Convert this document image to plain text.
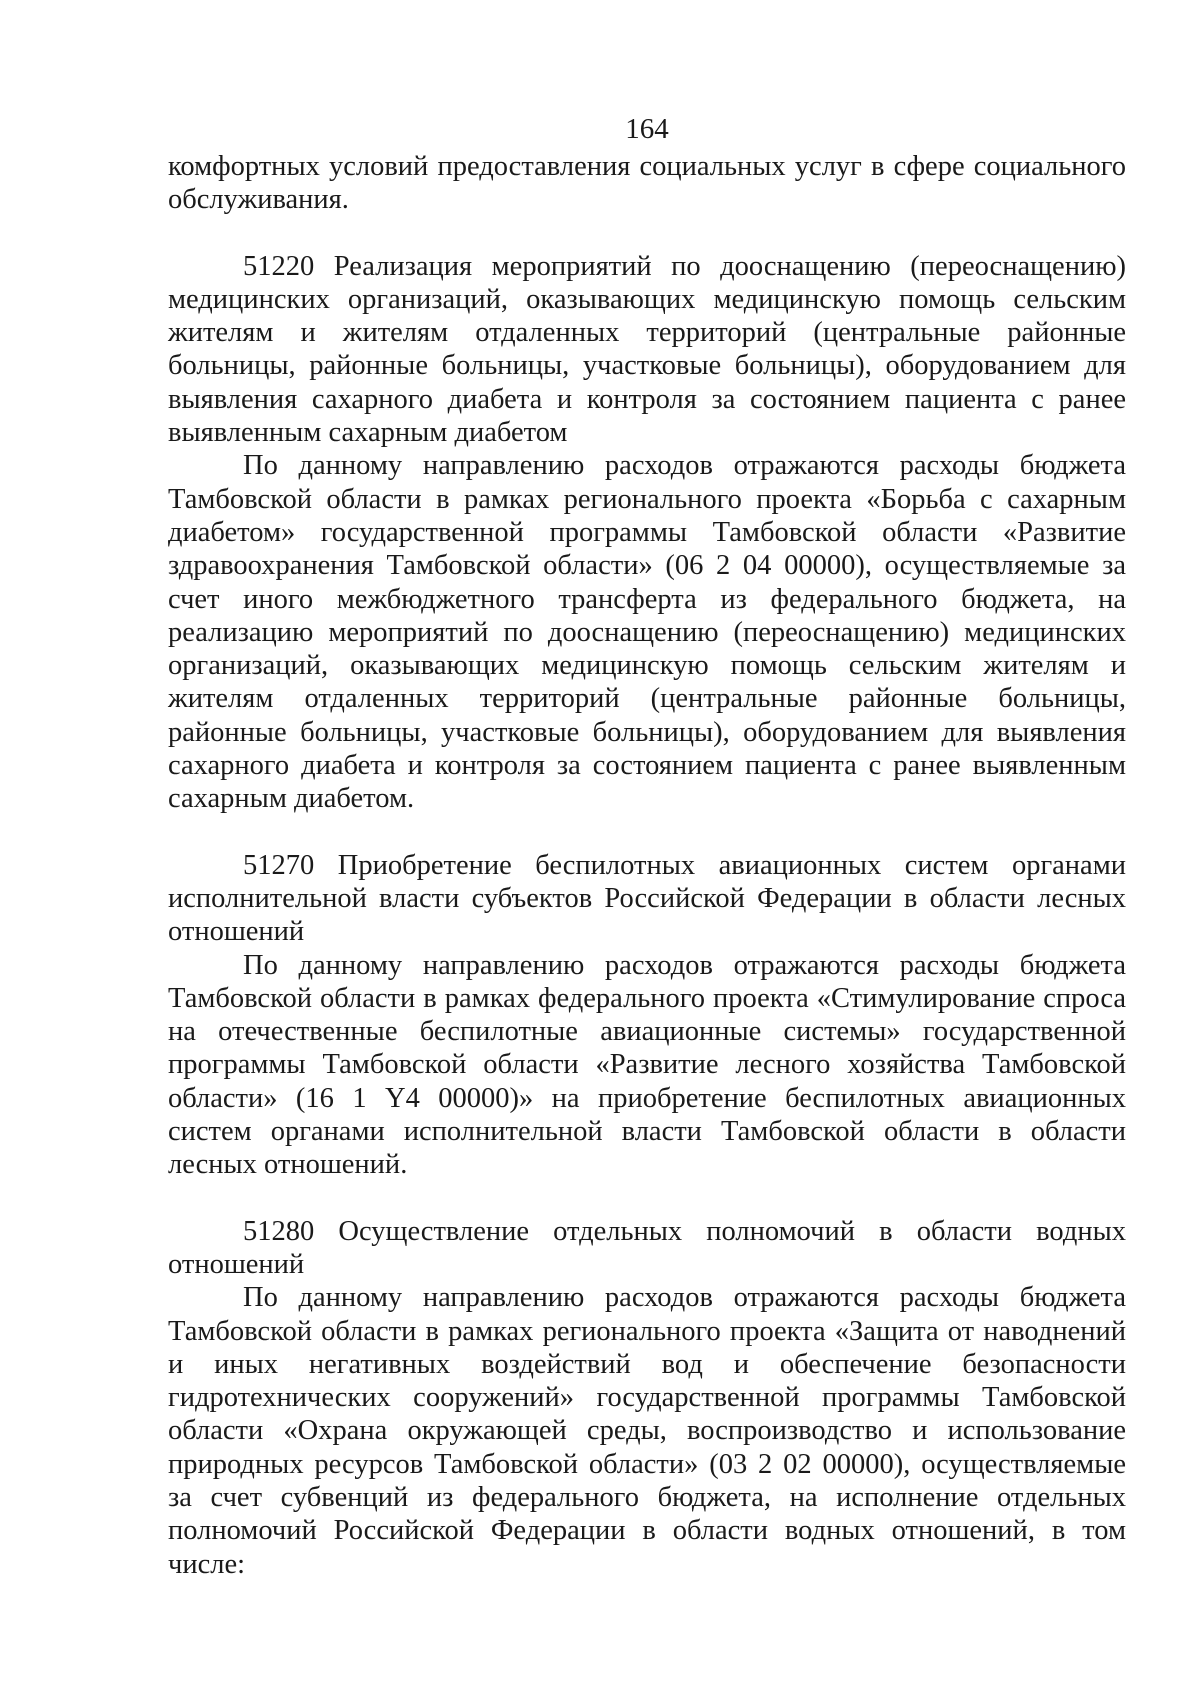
164

комфортных условий предоставления социальных услуг в сфере социального обслуживания.

51220 Реализация мероприятий по дооснащению (переоснащению) медицинских организаций, оказывающих медицинскую помощь сельским жителям и жителям отдаленных территорий (центральные районные больницы, районные больницы, участковые больницы), оборудованием для выявления сахарного диабета и контроля за состоянием пациента с ранее выявленным сахарным диабетом

По данному направлению расходов отражаются расходы бюджета Тамбовской области в рамках регионального проекта «Борьба с сахарным диабетом» государственной программы Тамбовской области «Развитие здравоохранения Тамбовской области» (06 2 04 00000), осуществляемые за счет иного межбюджетного трансферта из федерального бюджета, на реализацию мероприятий по дооснащению (переоснащению) медицинских организаций, оказывающих медицинскую помощь сельским жителям и жителям отдаленных территорий (центральные районные больницы, районные больницы, участковые больницы), оборудованием для выявления сахарного диабета и контроля за состоянием пациента с ранее выявленным сахарным диабетом.

51270 Приобретение беспилотных авиационных систем органами исполнительной власти субъектов Российской Федерации в области лесных отношений

По данному направлению расходов отражаются расходы бюджета Тамбовской области в рамках федерального проекта «Стимулирование спроса на отечественные беспилотные авиационные системы» государственной программы Тамбовской области «Развитие лесного хозяйства Тамбовской области» (16 1 Y4 00000)» на приобретение беспилотных авиационных систем органами исполнительной власти Тамбовской области в области лесных отношений.

51280 Осуществление отдельных полномочий в области водных отношений

По данному направлению расходов отражаются расходы бюджета Тамбовской области в рамках регионального проекта «Защита от наводнений и иных негативных воздействий вод и обеспечение безопасности гидротехнических сооружений» государственной программы Тамбовской области «Охрана окружающей среды, воспроизводство и использование природных ресурсов Тамбовской области» (03 2 02 00000), осуществляемые за счет субвенций из федерального бюджета, на исполнение отдельных полномочий Российской Федерации в области водных отношений, в том числе:
